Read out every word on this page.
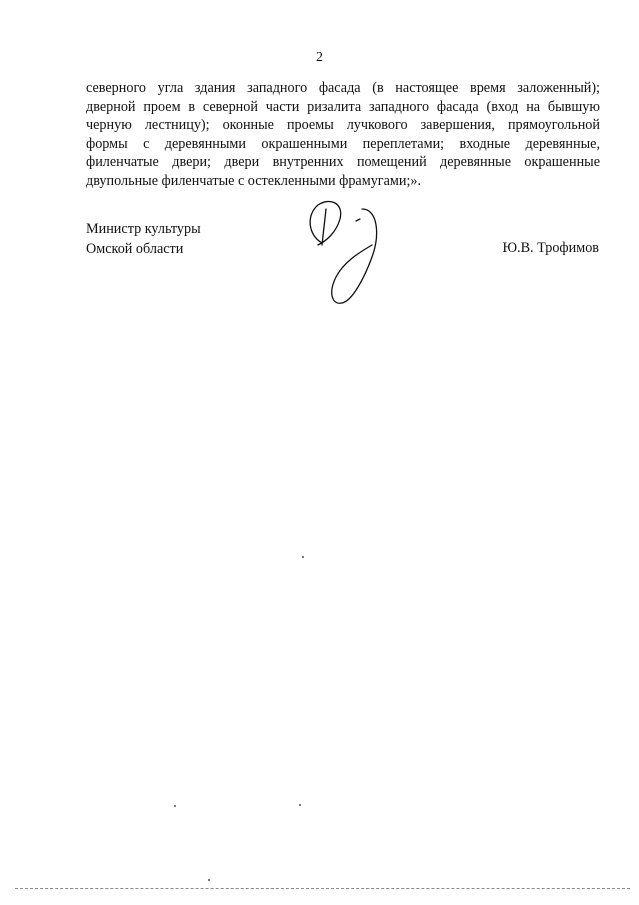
2
северного угла здания западного фасада (в настоящее время заложенный);
дверной проем в северной части ризалита западного фасада (вход на бывшую
черную лестницу); оконные проемы лучкового завершения, прямоугольной
формы с деревянными окрашенными переплетами; входные деревянные,
филенчатые двери; двери внутренних помещений деревянные окрашенные
двупольные филенчатые с остекленными фрамугами;».
Министр культуры
Омской области	Ю.В. Трофимов
